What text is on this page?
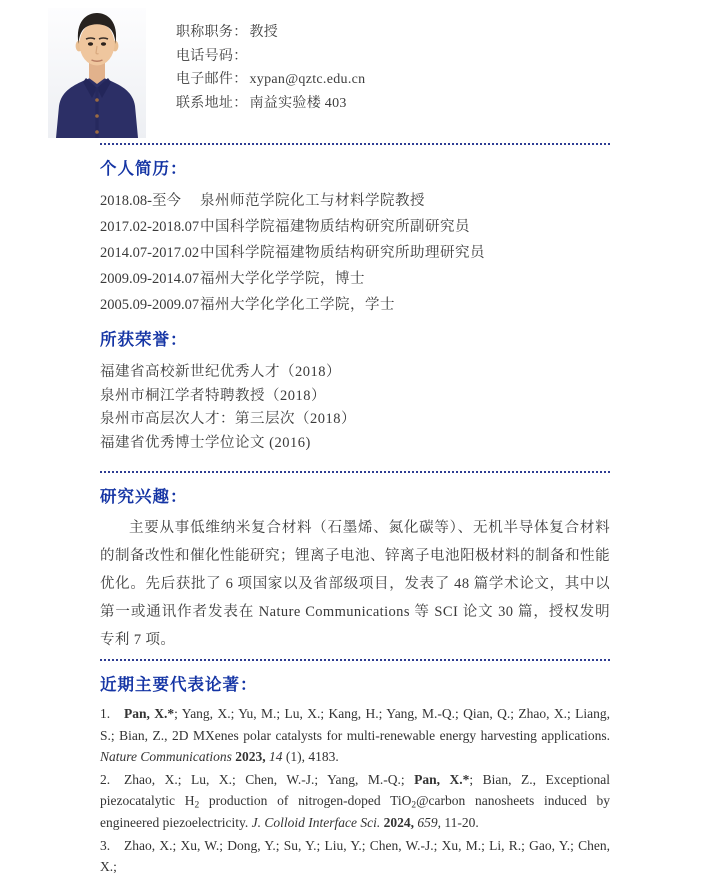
职称职务： 教授
电话号码：
电子邮件： xypan@qztc.edu.cn
联系地址： 南益实验楼 403
个人简历：
2018.08-至今 泉州师范学院化工与材料学院教授
2017.02-2018.07中国科学院福建物质结构研究所副研究员
2014.07-2017.02中国科学院福建物质结构研究所助理研究员
2009.09-2014.07福州大学化学学院，博士
2005.09-2009.07福州大学化学化工学院，学士
所获荣誉：
福建省高校新世纪优秀人才（2018）
泉州市桐江学者特聘教授（2018）
泉州市高层次人才：第三层次（2018）
福建省优秀博士学位论文 (2016)
研究兴趣：

主要从事低维纳米复合材料（石墨烯、氮化碳等）、无机半导体复合材料的制备改性和催化性能研究；锂离子电池、锌离子电池阳极材料的制备和性能优化。先后获批了 6 项国家以及省部级项目，发表了 48 篇学术论文，其中以第一或通讯作者发表在 Nature Communications 等 SCI 论文 30 篇，授权发明专利 7 项。

近期主要代表论著：

1. Pan, X.*; Yang, X.; Yu, M.; Lu, X.; Kang, H.; Yang, M.-Q.; Qian, Q.; Zhao, X.; Liang, S.; Bian, Z., 2D MXenes polar catalysts for multi-renewable energy harvesting applications. Nature Communications 2023, 14 (1), 4183.

2. Zhao, X.; Lu, X.; Chen, W.-J.; Yang, M.-Q.; Pan, X.*; Bian, Z., Exceptional piezocatalytic $H_2$ production of nitrogen-doped TiO$_2$@carbon nanosheets induced by engineered piezoelectricity. J. Colloid Interface Sci. 2024, 659, 11-20.

3. Zhao, X.; Xu, W.; Dong, Y.; Su, Y.; Liu, Y.; Chen, W.-J.; Xu, M.; Li, R.; Gao, Y.; Chen, X.;
